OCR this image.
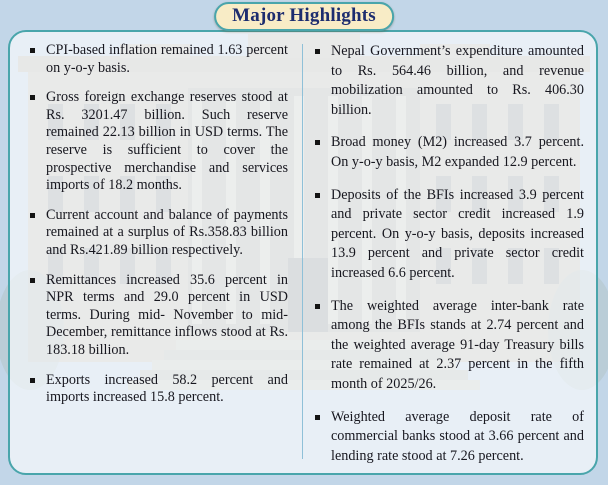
CPI-based inflation remained 1.63 percent on y-o-y basis.
Gross foreign exchange reserves stood at Rs. 3201.47 billion. Such reserve remained 22.13 billion in USD terms. The reserve is sufficient to cover the prospective merchandise and services imports of 18.2 months.
Current account and balance of payments remained at a surplus of Rs.358.83 billion and Rs.421.89 billion respectively.
Remittances increased 35.6 percent in NPR terms and 29.0 percent in USD terms. During mid- November to mid-December, remittance inflows stood at Rs. 183.18 billion.
Exports increased 58.2 percent and imports increased 15.8 percent.
Nepal Government’s expenditure amounted to Rs. 564.46 billion, and revenue mobilization amounted to Rs. 406.30 billion.
Broad money (M2) increased 3.7 percent. On y-o-y basis, M2 expanded 12.9 percent.
Deposits of the BFIs increased 3.9 percent and private sector credit increased 1.9 percent. On y-o-y basis, deposits increased 13.9 percent and private sector credit increased 6.6 percent.
The weighted average inter-bank rate among the BFIs stands at 2.74 percent and the weighted average 91-day Treasury bills rate remained at 2.37 percent in the fifth month of 2025/26.
Weighted average deposit rate of commercial banks stood at 3.66 percent and lending rate stood at 7.26 percent.
Major Highlights
